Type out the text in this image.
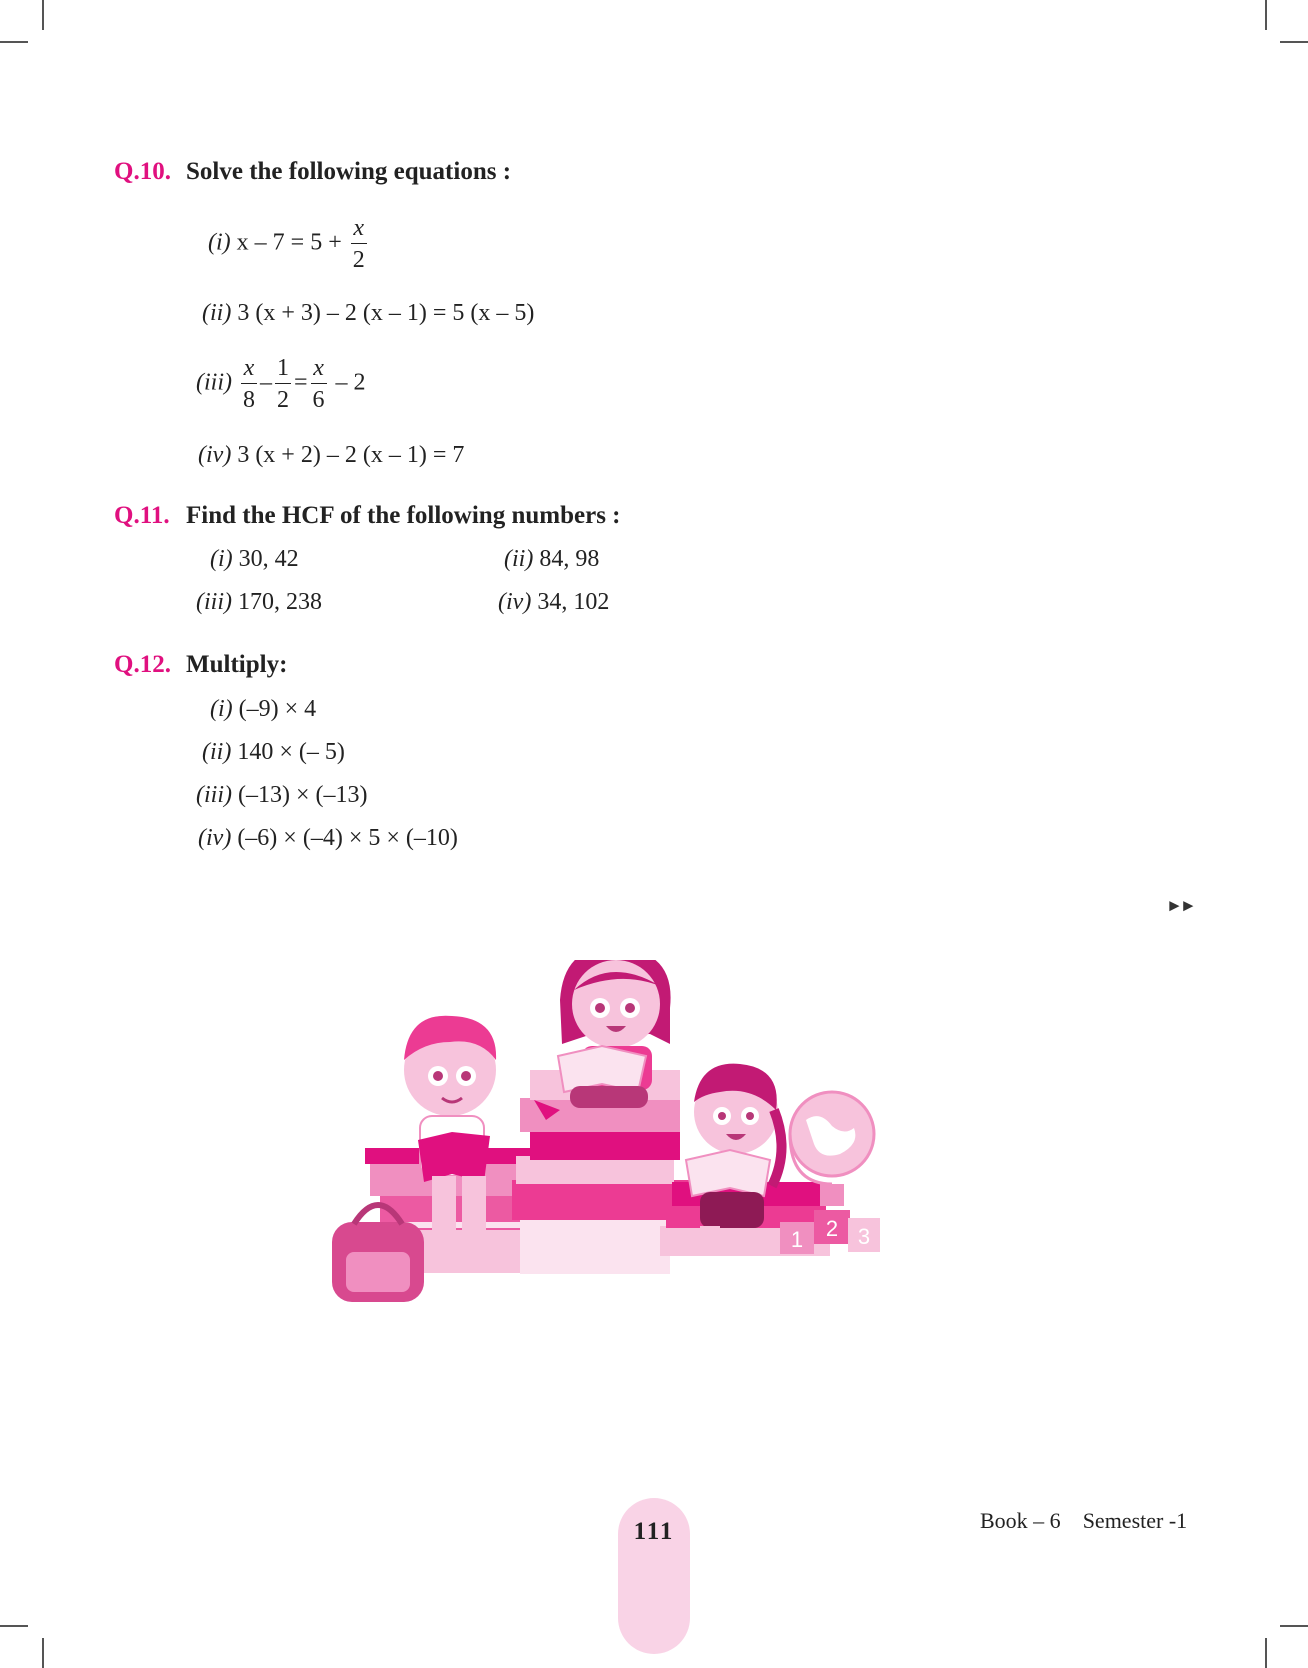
Q.10. Solve the following equations :
(i) $x - 7 = 5 + \frac{x}{2}$
(ii) 3 (x + 3) – 2 (x – 1) = 5 (x – 5)
$(iii) \frac{x}{8} - \frac{1}{2} = \frac{x}{6} - 2$
(iv) 3 (x + 2) – 2 (x – 1) = 7
Q.11. Find the HCF of the following numbers :
(i) 30, 42	(ii) 84, 98
(iii) 170, 238	(iv) 34, 102
Q.12. Multiply:
(i) (–9) × 4
(ii) 140 × (– 5)
(iii) (–13) × (–13)
(iv) (–6) × (–4) × 5 × (–10)
►►
1 2 3
Book – 6 Semester -1
111
